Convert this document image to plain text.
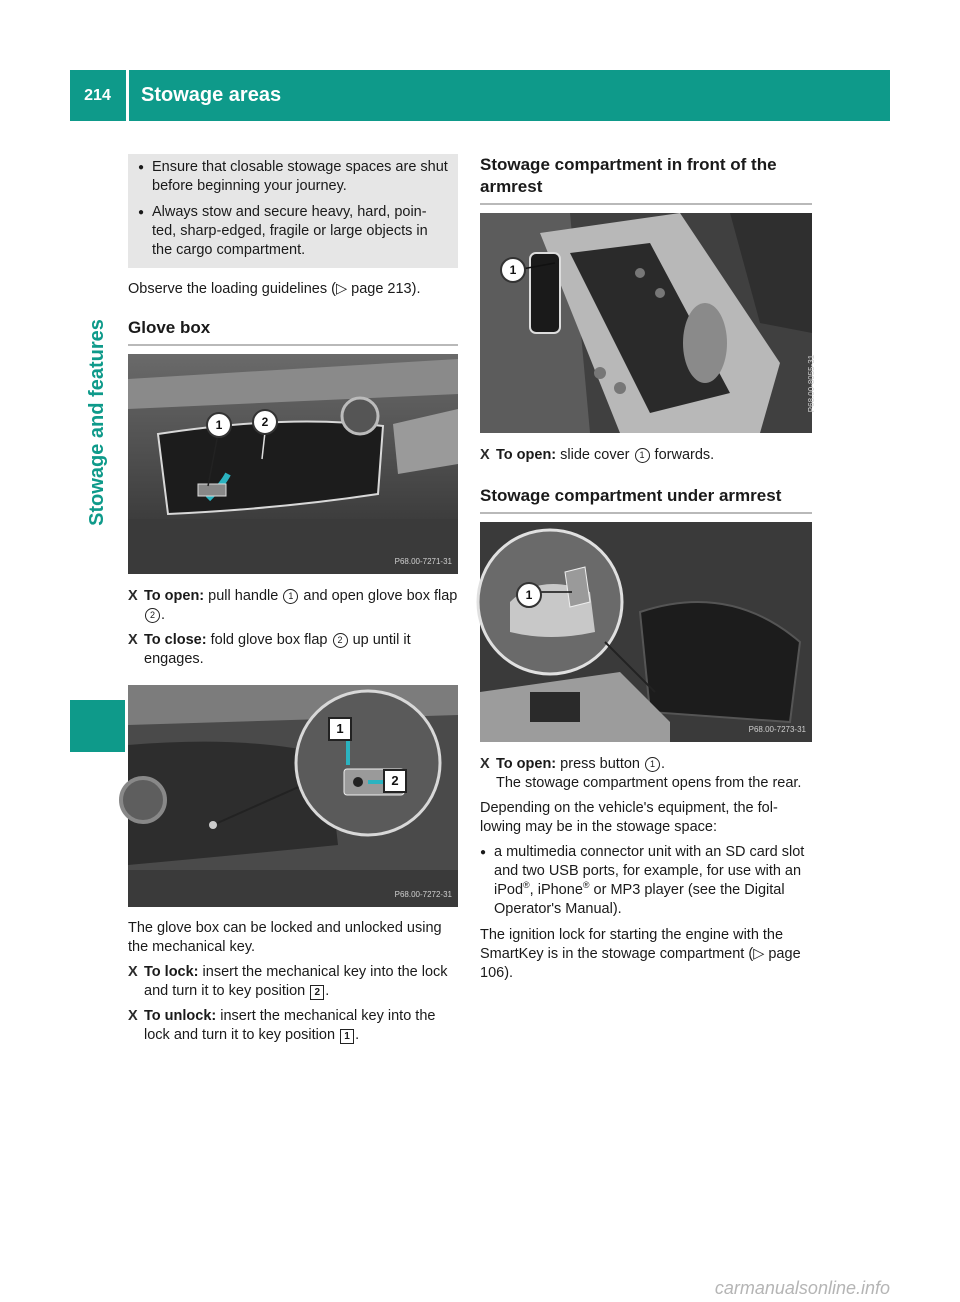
214	Stowage areas
Stowage and features
● Ensure that closable stowage spaces are shut before beginning your journey.
● Always stow and secure heavy, hard, poin-ted, sharp-edged, fragile or large objects in the cargo compartment.

Observe the loading guidelines (▷ page 213).

Glove box
1	2
P68.00-7271-31
X To open: pull handle 1 and open glove box flap 2 .
X To close: fold glove box flap 2 up until it engages.
1
2
P68.00-7272-31

The glove box can be locked and unlocked using the mechanical key.

X To lock: insert the mechanical key into the lock and turn it to key position 2 .
X To unlock: insert the mechanical key into the lock and turn it to key position 1 .
Stowage compartment in front of the armrest
1
P68.00-8055-31
X To open: slide cover 1 forwards.
Stowage compartment under armrest
1
P68.00-7273-31
X To open: press button 1 .
The stowage compartment opens from the rear.

Depending on the vehicle's equipment, the fol-lowing may be in the stowage space:

● a multimedia connector unit with an SD card slot and two USB ports, for example, for use with an iPod®, iPhone® or MP3 player (see the Digital Operator's Manual).

The ignition lock for starting the engine with the SmartKey is in the stowage compartment (▷ page 106).

carmanualsonline.info
